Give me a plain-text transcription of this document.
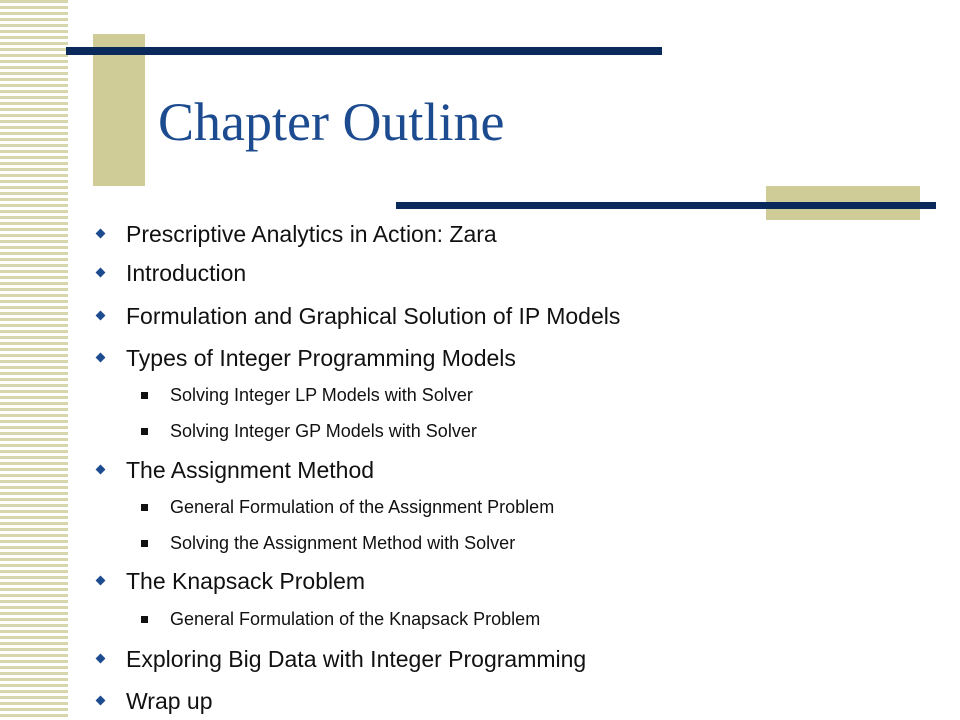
Chapter Outline
Prescriptive Analytics in Action: Zara
Introduction
Formulation and Graphical Solution of IP Models
Types of Integer Programming Models
Solving Integer LP Models with Solver
Solving Integer GP Models with Solver
The Assignment Method
General Formulation of the Assignment Problem
Solving the Assignment Method with Solver
The Knapsack Problem
General Formulation of the Knapsack Problem
Exploring Big Data with Integer Programming
Wrap up
